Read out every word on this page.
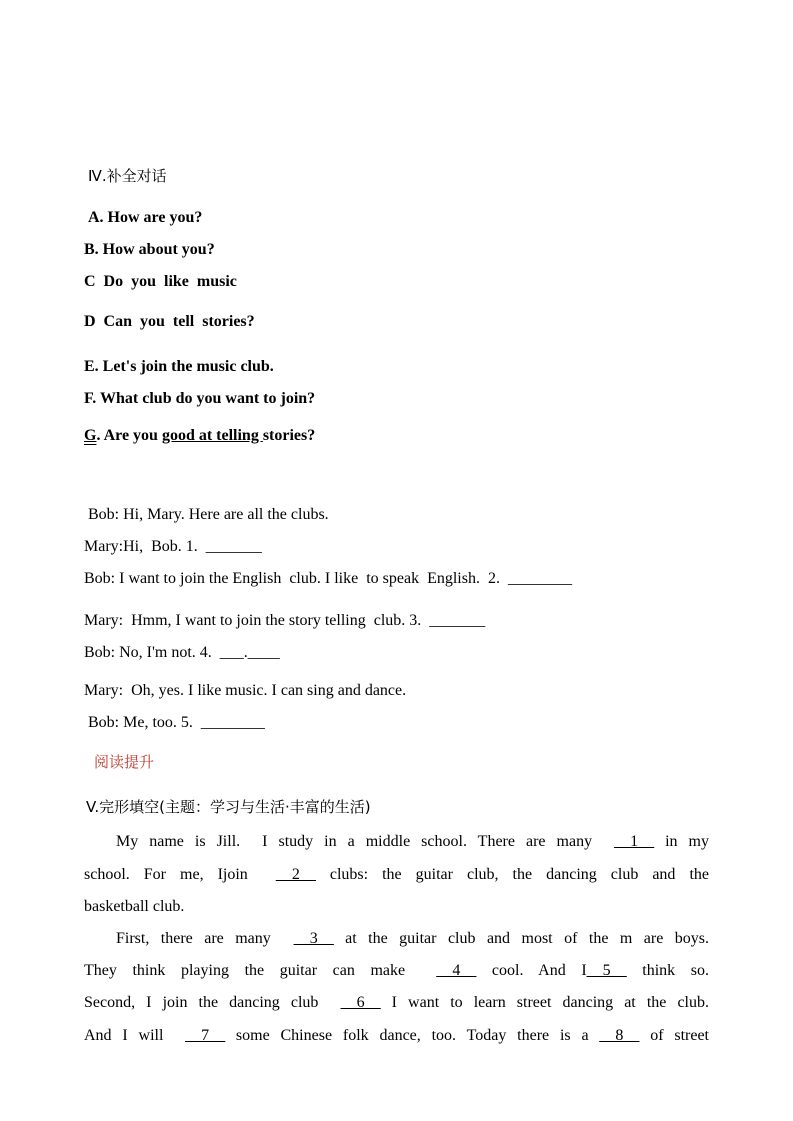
Ⅳ.补全对话
A. How are you?
B. How about you?
C  Do  you  like  music
D  Can  you  tell  stories?
E. Let's join the music club.
F. What club do you want to join?
G. Are you good at telling stories?
Bob: Hi, Mary. Here are all the clubs.
Mary:Hi,  Bob. 1.  _______
Bob: I want to join the English  club. I like  to speak  English.  2.  ________
Mary:  Hmm, I want to join the story telling  club. 3.  _______
Bob: No, I'm not. 4.  ___.____
Mary:  Oh, yes. I like music. I can sing and dance.
Bob: Me, too. 5.  ________
阅读提升
V.完形填空(主题：学习与生活·丰富的生活)
  My name is Jill.  I study in a middle school. There are many  __1__ in my
school. For me, Ijoin  __2__ clubs: the guitar club, the dancing club and the
basketball club.
  First, there are many  __3__ at the guitar club and most of the m are boys.
They think playing the guitar can make  __4__ cool. And I__5__ think so.
Second, I join the dancing club  __6__ I want to learn street dancing at the club.
And I will  __7__ some Chinese folk dance, too. Today there is a __8__ of street
